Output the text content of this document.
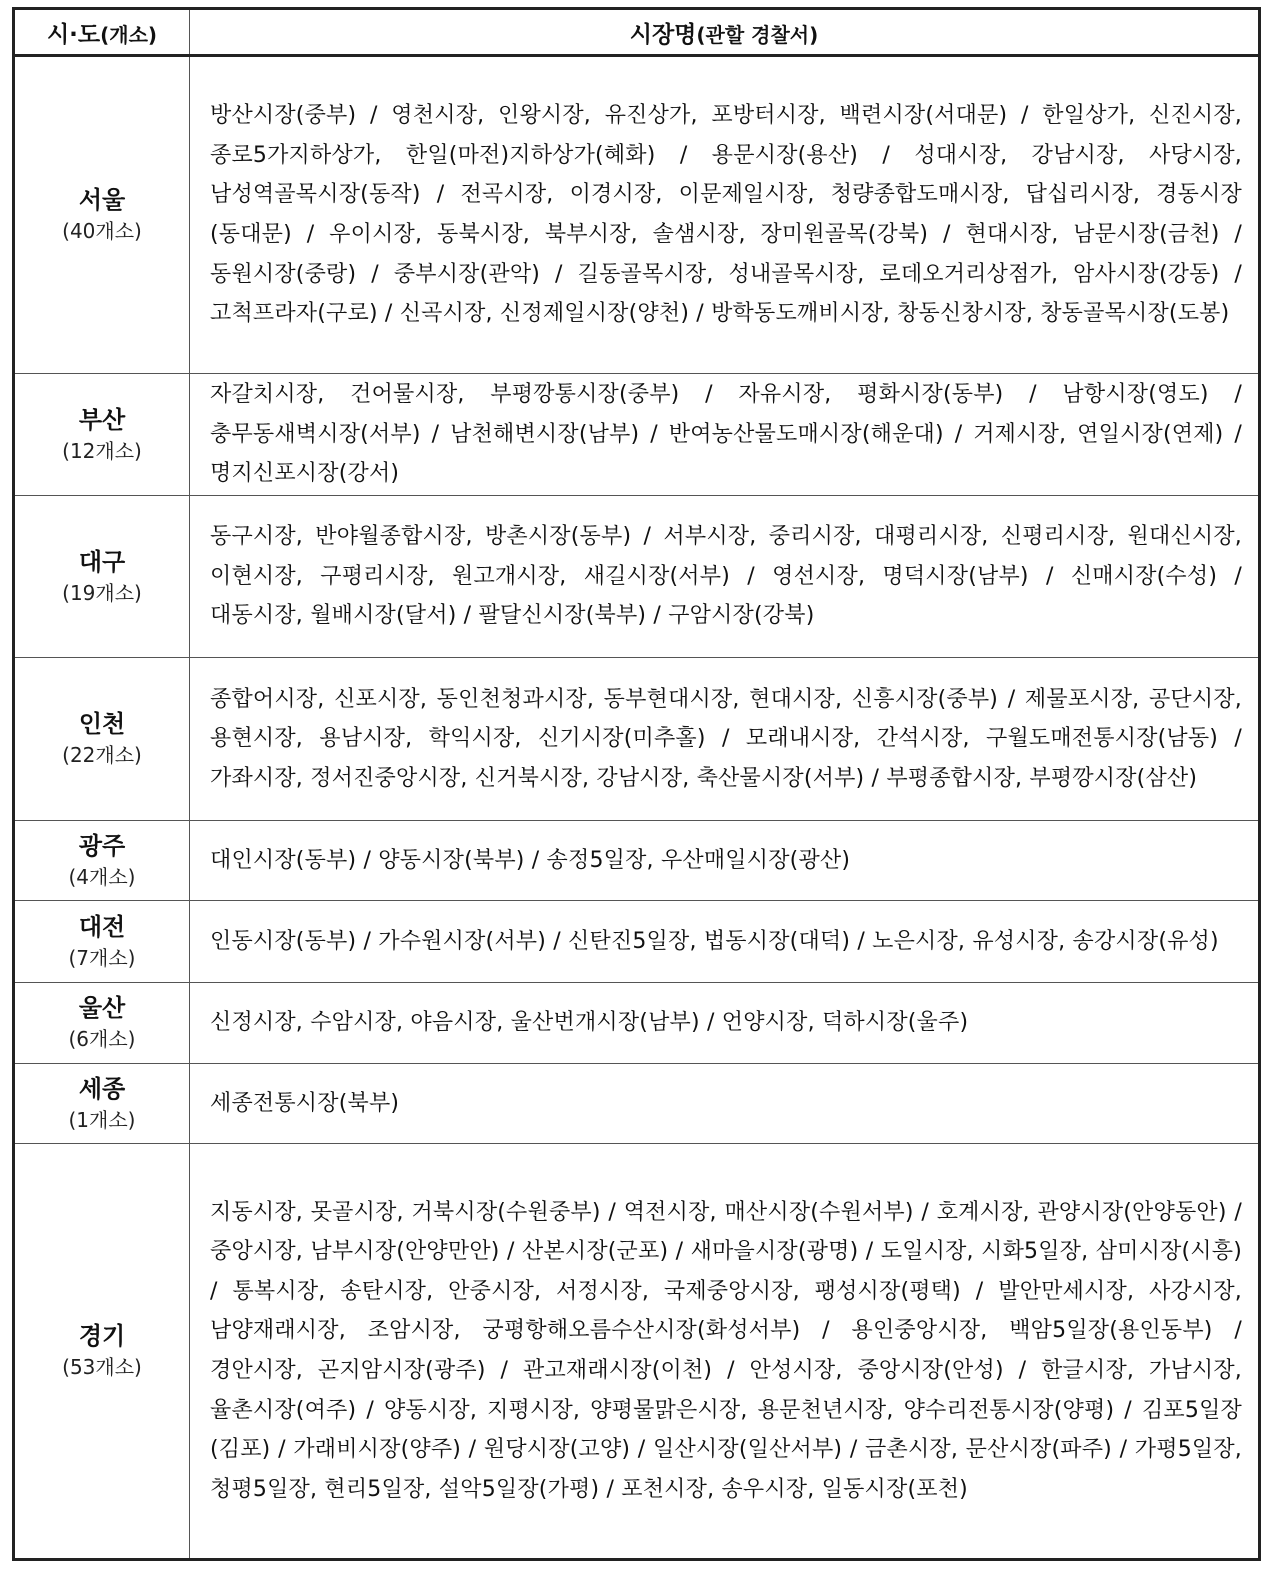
시·도(개소)	시장명(관할 경찰서)

서울
(40개소)	방산시장(중부) / 영천시장, 인왕시장, 유진상가, 포방터시장, 백련시장(서대문) / 한일상가, 신진시장, 종로5가지하상가, 한일(마전)지하상가(혜화) / 용문시장(용산) / 성대시장, 강남시장, 사당시장, 남성역골목시장(동작) / 전곡시장, 이경시장, 이문제일시장, 청량종합도매시장, 답십리시장, 경동시장(동대문) / 우이시장, 동북시장, 북부시장, 솔샘시장, 장미원골목(강북) / 현대시장, 남문시장(금천) / 동원시장(중랑) / 중부시장(관악) / 길동골목시장, 성내골목시장, 로데오거리상점가, 암사시장(강동) / 고척프라자(구로) / 신곡시장, 신정제일시장(양천) / 방학동도깨비시장, 창동신창시장, 창동골목시장(도봉)

부산
(12개소)	자갈치시장, 건어물시장, 부평깡통시장(중부) / 자유시장, 평화시장(동부) / 남항시장(영도) / 충무동새벽시장(서부) / 남천해변시장(남부) / 반여농산물도매시장(해운대) / 거제시장, 연일시장(연제) / 명지신포시장(강서)

대구
(19개소)	동구시장, 반야월종합시장, 방촌시장(동부) / 서부시장, 중리시장, 대평리시장, 신평리시장, 원대신시장, 이현시장, 구평리시장, 원고개시장, 새길시장(서부) / 영선시장, 명덕시장(남부) / 신매시장(수성) / 대동시장, 월배시장(달서) / 팔달신시장(북부) / 구암시장(강북)

인천
(22개소)	종합어시장, 신포시장, 동인천청과시장, 동부현대시장, 현대시장, 신흥시장(중부) / 제물포시장, 공단시장, 용현시장, 용남시장, 학익시장, 신기시장(미추홀) / 모래내시장, 간석시장, 구월도매전통시장(남동) / 가좌시장, 정서진중앙시장, 신거북시장, 강남시장, 축산물시장(서부) / 부평종합시장, 부평깡시장(삼산)

광주
(4개소)	대인시장(동부) / 양동시장(북부) / 송정5일장, 우산매일시장(광산)

대전
(7개소)	인동시장(동부) / 가수원시장(서부) / 신탄진5일장, 법동시장(대덕) / 노은시장, 유성시장, 송강시장(유성)

울산
(6개소)	신정시장, 수암시장, 야음시장, 울산번개시장(남부) / 언양시장, 덕하시장(울주)

세종
(1개소)	세종전통시장(북부)

경기
(53개소)	지동시장, 못골시장, 거북시장(수원중부) / 역전시장, 매산시장(수원서부) / 호계시장, 관양시장(안양동안) / 중앙시장, 남부시장(안양만안) / 산본시장(군포) / 새마을시장(광명) / 도일시장, 시화5일장, 삼미시장(시흥) / 통복시장, 송탄시장, 안중시장, 서정시장, 국제중앙시장, 팽성시장(평택) / 발안만세시장, 사강시장, 남양재래시장, 조암시장, 궁평항해오름수산시장(화성서부) / 용인중앙시장, 백암5일장(용인동부) / 경안시장, 곤지암시장(광주) / 관고재래시장(이천) / 안성시장, 중앙시장(안성) / 한글시장, 가남시장, 율촌시장(여주) / 양동시장, 지평시장, 양평물맑은시장, 용문천년시장, 양수리전통시장(양평) / 김포5일장(김포) / 가래비시장(양주) / 원당시장(고양) / 일산시장(일산서부) / 금촌시장, 문산시장(파주) / 가평5일장, 청평5일장, 현리5일장, 설악5일장(가평) / 포천시장, 송우시장, 일동시장(포천)
